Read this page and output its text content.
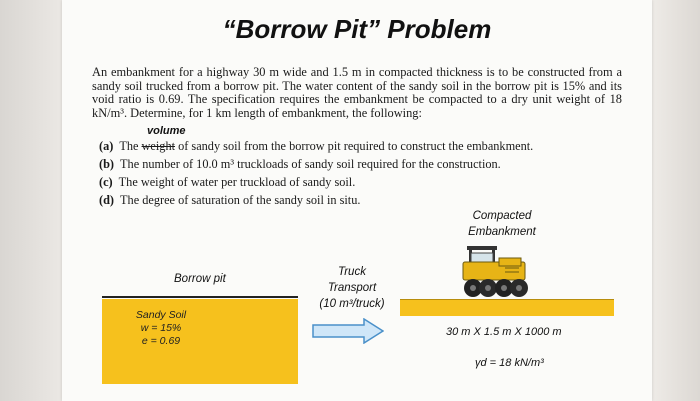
“Borrow Pit” Problem
An embankment for a highway 30 m wide and 1.5 m in compacted thickness is to be constructed from a sandy soil trucked from a borrow pit. The water content of the sandy soil in the borrow pit is 15% and its void ratio is 0.69. The specification requires the embankment be compacted to a dry unit weight of 18 kN/m³. Determine, for 1 km length of embankment, the following:
volume
(a) The weight of sandy soil from the borrow pit required to construct the embankment.
(b) The number of 10.0 m³ truckloads of sandy soil required for the construction.
(c) The weight of water per truckload of sandy soil.
(d) The degree of saturation of the sandy soil in situ.
Borrow pit
Sandy Soil
w = 15%
e = 0.69
Truck
Transport
(10 m³/truck)
Compacted
Embankment
30 m X 1.5 m X 1000 m
γd = 18 kN/m³
